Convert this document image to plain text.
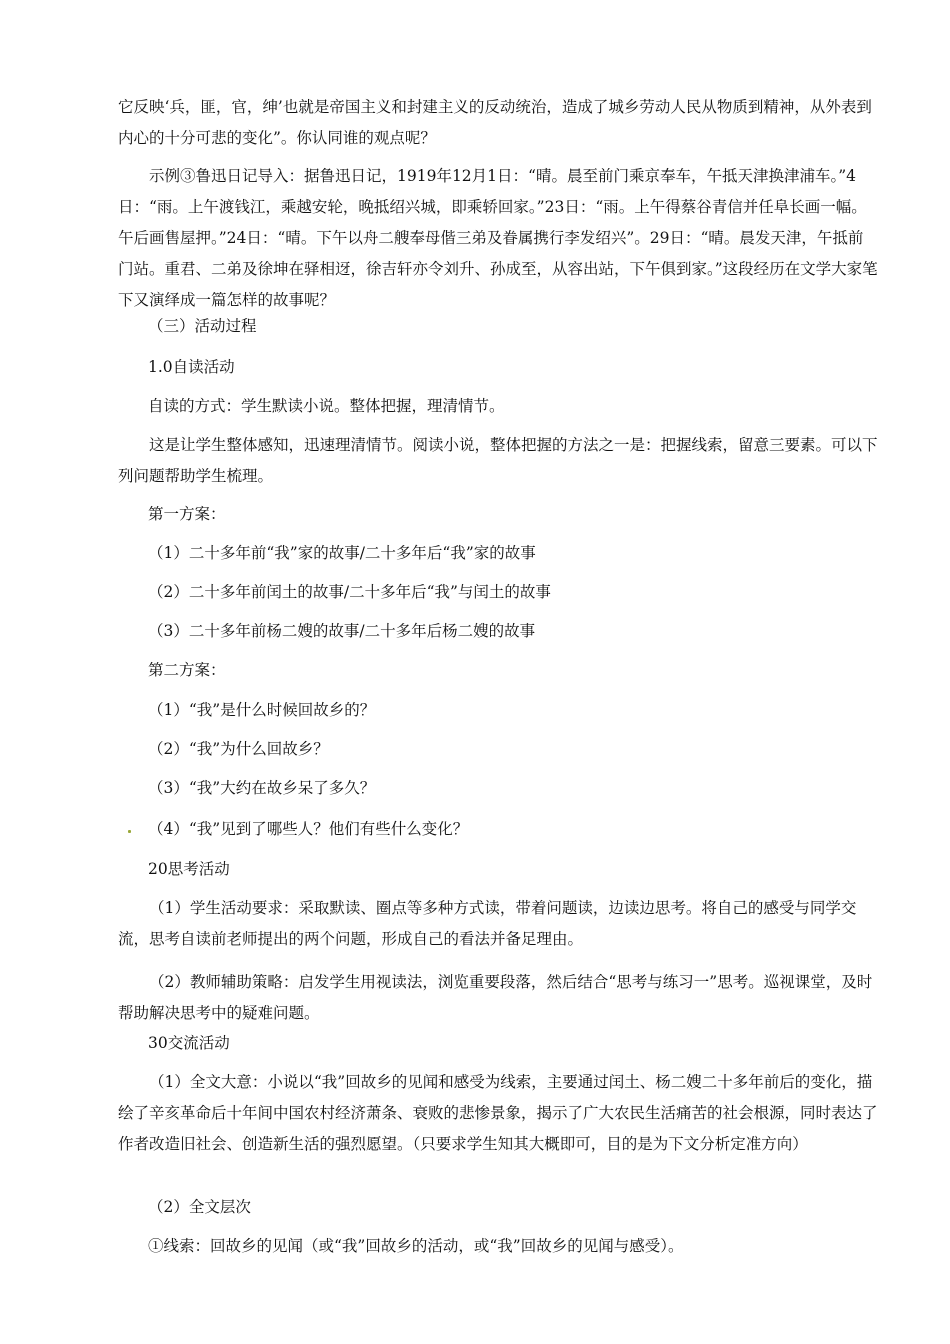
它反映‘兵，匪，官，绅’也就是帝国主义和封建主义的反动统治，造成了城乡劳动人民从物质到精神，从外表到内心的十分可悲的变化”。你认同谁的观点呢？

示例③鲁迅日记导入：据鲁迅日记，1919年12月1日：“晴。晨至前门乘京奉车，午抵天津换津浦车。”4日：“雨。上午渡钱江，乘越安轮，晚抵绍兴城，即乘轿回家。”23日：“雨。上午得蔡谷青信并任阜长画一幅。午后画售屋押。”24日：“晴。下午以舟二艘奉母偕三弟及眷属携行李发绍兴”。29日：“晴。晨发天津，午抵前门站。重君、二弟及徐坤在驿相迓，徐吉轩亦令刘升、孙成至，从容出站，下午俱到家。”这段经历在文学大家笔下又演绎成一篇怎样的故事呢？

（三）活动过程

1.0自读活动

自读的方式：学生默读小说。整体把握，理清情节。

这是让学生整体感知，迅速理清情节。阅读小说，整体把握的方法之一是：把握线索，留意三要素。可以下列问题帮助学生梳理。

第一方案：

（1）二十多年前“我”家的故事/二十多年后“我”家的故事

（2）二十多年前闰土的故事/二十多年后“我”与闰土的故事

（3）二十多年前杨二嫂的故事/二十多年后杨二嫂的故事

第二方案：

（1）“我”是什么时候回故乡的？

（2）“我”为什么回故乡？

（3）“我”大约在故乡呆了多久？

（4）“我”见到了哪些人？他们有些什么变化？

20思考活动

（1）学生活动要求：采取默读、圈点等多种方式读，带着问题读，边读边思考。将自己的感受与同学交流，思考自读前老师提出的两个问题，形成自己的看法并备足理由。

（2）教师辅助策略：启发学生用视读法，浏览重要段落，然后结合“思考与练习一”思考。巡视课堂，及时帮助解决思考中的疑难问题。

30交流活动

（1）全文大意：小说以“我”回故乡的见闻和感受为线索，主要通过闰土、杨二嫂二十多年前后的变化，描绘了辛亥革命后十年间中国农村经济萧条、衰败的悲惨景象，揭示了广大农民生活痛苦的社会根源，同时表达了作者改造旧社会、创造新生活的强烈愿望。（只要求学生知其大概即可，目的是为下文分析定准方向）

（2）全文层次

①线索：回故乡的见闻（或“我”回故乡的活动，或“我”回故乡的见闻与感受）。
